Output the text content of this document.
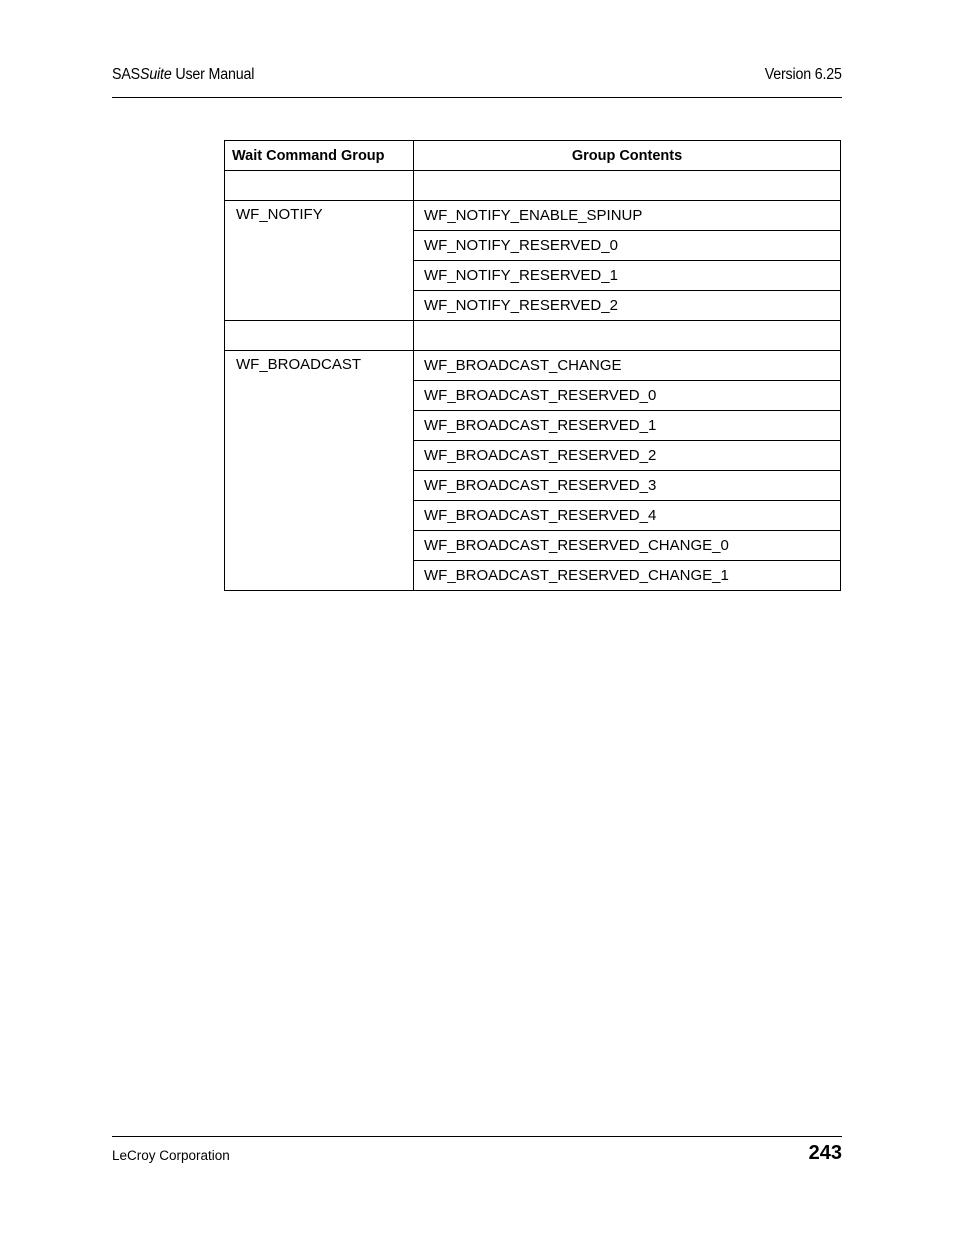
SASSuite User Manual	Version 6.25
Wait Command Group	Group Contents

WF_NOTIFY	WF_NOTIFY_ENABLE_SPINUP
	WF_NOTIFY_RESERVED_0
	WF_NOTIFY_RESERVED_1
	WF_NOTIFY_RESERVED_2

WF_BROADCAST	WF_BROADCAST_CHANGE
	WF_BROADCAST_RESERVED_0
	WF_BROADCAST_RESERVED_1
	WF_BROADCAST_RESERVED_2
	WF_BROADCAST_RESERVED_3
	WF_BROADCAST_RESERVED_4
	WF_BROADCAST_RESERVED_CHANGE_0
	WF_BROADCAST_RESERVED_CHANGE_1
LeCroy Corporation	243
